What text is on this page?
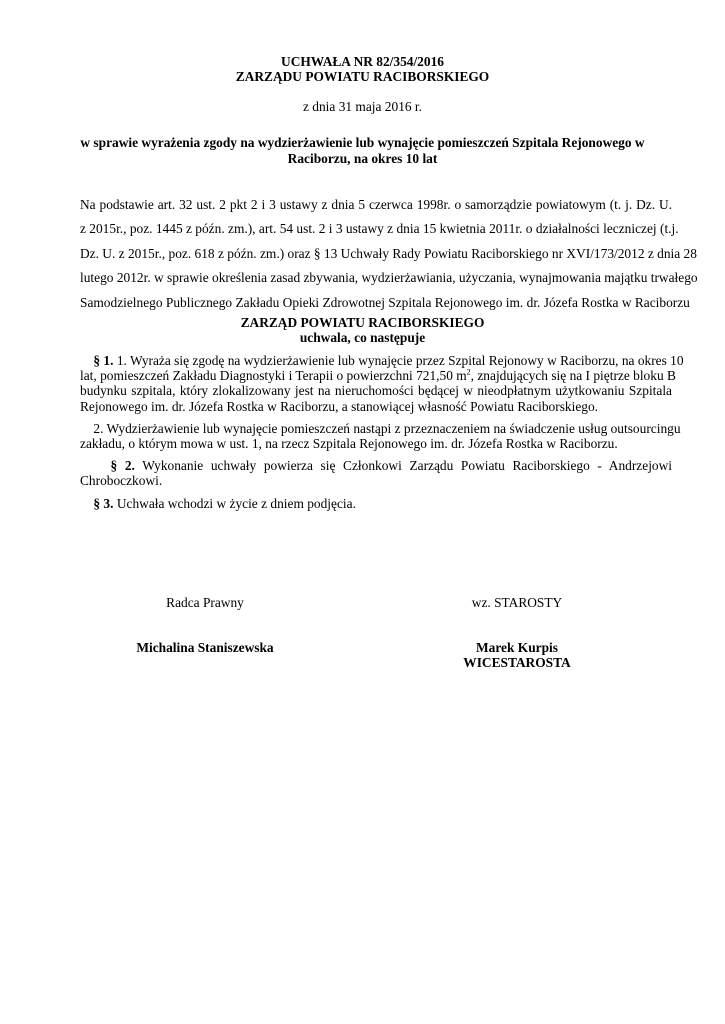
UCHWAŁA NR 82/354/2016
ZARZĄDU POWIATU RACIBORSKIEGO
z dnia 31 maja 2016 r.
w sprawie wyrażenia zgody na wydzierżawienie lub wynajęcie pomieszczeń Szpitala Rejonowego w
Raciborzu, na okres 10 lat
Na podstawie art. 32 ust. 2 pkt 2 i 3 ustawy z dnia 5 czerwca 1998r. o samorządzie powiatowym (t. j. Dz. U.
z 2015r., poz. 1445 z późn. zm.), art. 54 ust. 2 i 3 ustawy z dnia 15 kwietnia 2011r. o działalności leczniczej (t.j.
Dz. U. z 2015r., poz. 618 z późn. zm.) oraz § 13 Uchwały Rady Powiatu Raciborskiego nr XVI/173/2012 z dnia 28
lutego 2012r. w sprawie określenia zasad zbywania, wydzierżawiania, użyczania, wynajmowania majątku trwałego
Samodzielnego Publicznego Zakładu Opieki Zdrowotnej Szpitala Rejonowego im. dr. Józefa Rostka w Raciborzu
ZARZĄD POWIATU RACIBORSKIEGO
uchwala, co następuje
§ 1. 1. Wyraża się zgodę na wydzierżawienie lub wynajęcie przez Szpital Rejonowy w Raciborzu, na okres 10
lat, pomieszczeń Zakładu Diagnostyki i Terapii o powierzchni 721,50 $m^2$, znajdujących się na I piętrze bloku B
budynku szpitala, który zlokalizowany jest na nieruchomości będącej w nieodpłatnym użytkowaniu Szpitala
Rejonowego im. dr. Józefa Rostka w Raciborzu, a stanowiącej własność Powiatu Raciborskiego.
2. Wydzierżawienie lub wynajęcie pomieszczeń nastąpi z przeznaczeniem na świadczenie usług outsourcingu
zakładu, o którym mowa w ust. 1, na rzecz Szpitala Rejonowego im. dr. Józefa Rostka w Raciborzu.
§ 2. Wykonanie uchwały powierza się Członkowi Zarządu Powiatu Raciborskiego - Andrzejowi
Chroboczkowi.
§ 3. Uchwała wchodzi w życie z dniem podjęcia.
Radca Prawny	wz. STAROSTY
Michalina Staniszewska	Marek Kurpis
WICESTAROSTA
